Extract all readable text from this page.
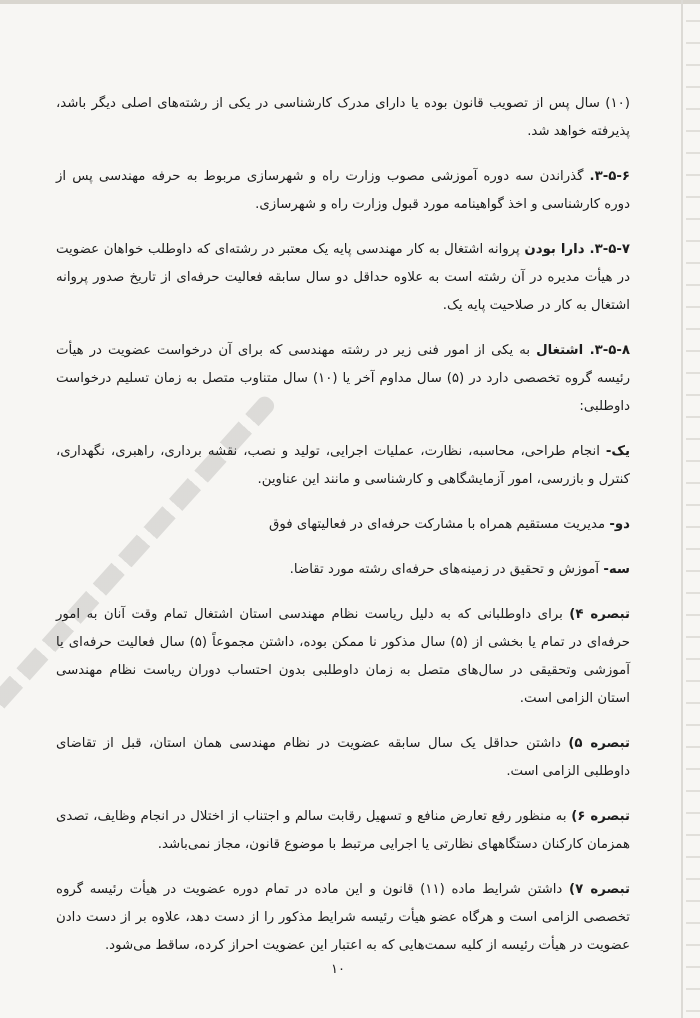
(۱۰) سال پس از تصویب قانون بوده یا دارای مدرک کارشناسی در یکی از رشته‌های اصلی دیگر باشد، پذیرفته خواهد شد.

۳-۵-۶. گذراندن سه دوره آموزشی مصوب وزارت راه و شهرسازی مربوط به حرفه مهندسی پس از دوره کارشناسی و اخذ گواهینامه مورد قبول وزارت راه و شهرسازی.

۳-۵-۷. دارا بودن پروانه اشتغال به کار مهندسی پایه یک معتبر در رشته‌ای که داوطلب خواهان عضویت در هیأت مدیره در آن رشته است به علاوه حداقل دو سال سابقه فعالیت حرفه‌ای از تاریخ صدور پروانه اشتغال به کار در صلاحیت پایه یک.

۳-۵-۸. اشتغال به یکی از امور فنی زیر در رشته مهندسی که برای آن درخواست عضویت در هیأت رئیسه گروه تخصصی دارد در (۵) سال مداوم آخر یا (۱۰) سال متناوب متصل به زمان تسلیم درخواست داوطلبی:

یک- انجام طراحی، محاسبه، نظارت، عملیات اجرایی، تولید و نصب، نقشه برداری، راهبری، نگهداری، کنترل و بازرسی، امور آزمایشگاهی و کارشناسی و مانند این عناوین.

دو- مدیریت مستقیم همراه با مشارکت حرفه‌ای در فعالیتهای فوق

سه- آموزش و تحقیق در زمینه‌های حرفه‌ای رشته مورد تقاضا.

تبصره ۴) برای داوطلبانی که به دلیل ریاست نظام مهندسی استان اشتغال تمام وقت آنان به امور حرفه‌ای در تمام یا بخشی از (۵) سال مذکور نا ممکن بوده، داشتن مجموعاً (۵) سال فعالیت حرفه‌ای یا آموزشی وتحقیقی در سال‌های متصل به زمان داوطلبی بدون احتساب دوران ریاست نظام مهندسی استان الزامی است.

تبصره ۵) داشتن حداقل یک سال سابقه عضویت در نظام مهندسی همان استان، قبل از تقاضای داوطلبی الزامی است.

تبصره ۶) به منظور رفع تعارض منافع و تسهیل رقابت سالم و اجتناب از اختلال در انجام وظایف، تصدی همزمان کارکنان دستگاههای نظارتی یا اجرایی مرتبط با موضوع قانون، مجاز نمی‌باشد.

تبصره ۷) داشتن شرایط ماده (۱۱) قانون و این ماده در تمام دوره عضویت در هیأت رئیسه گروه تخصصی الزامی است و هرگاه عضو هیأت رئیسه شرایط مذکور را از دست دهد، علاوه بر از دست دادن عضویت در هیأت رئیسه از کلیه سمت‌هایی که به اعتبار این عضویت احراز کرده، ساقط می‌شود.

۱۰
